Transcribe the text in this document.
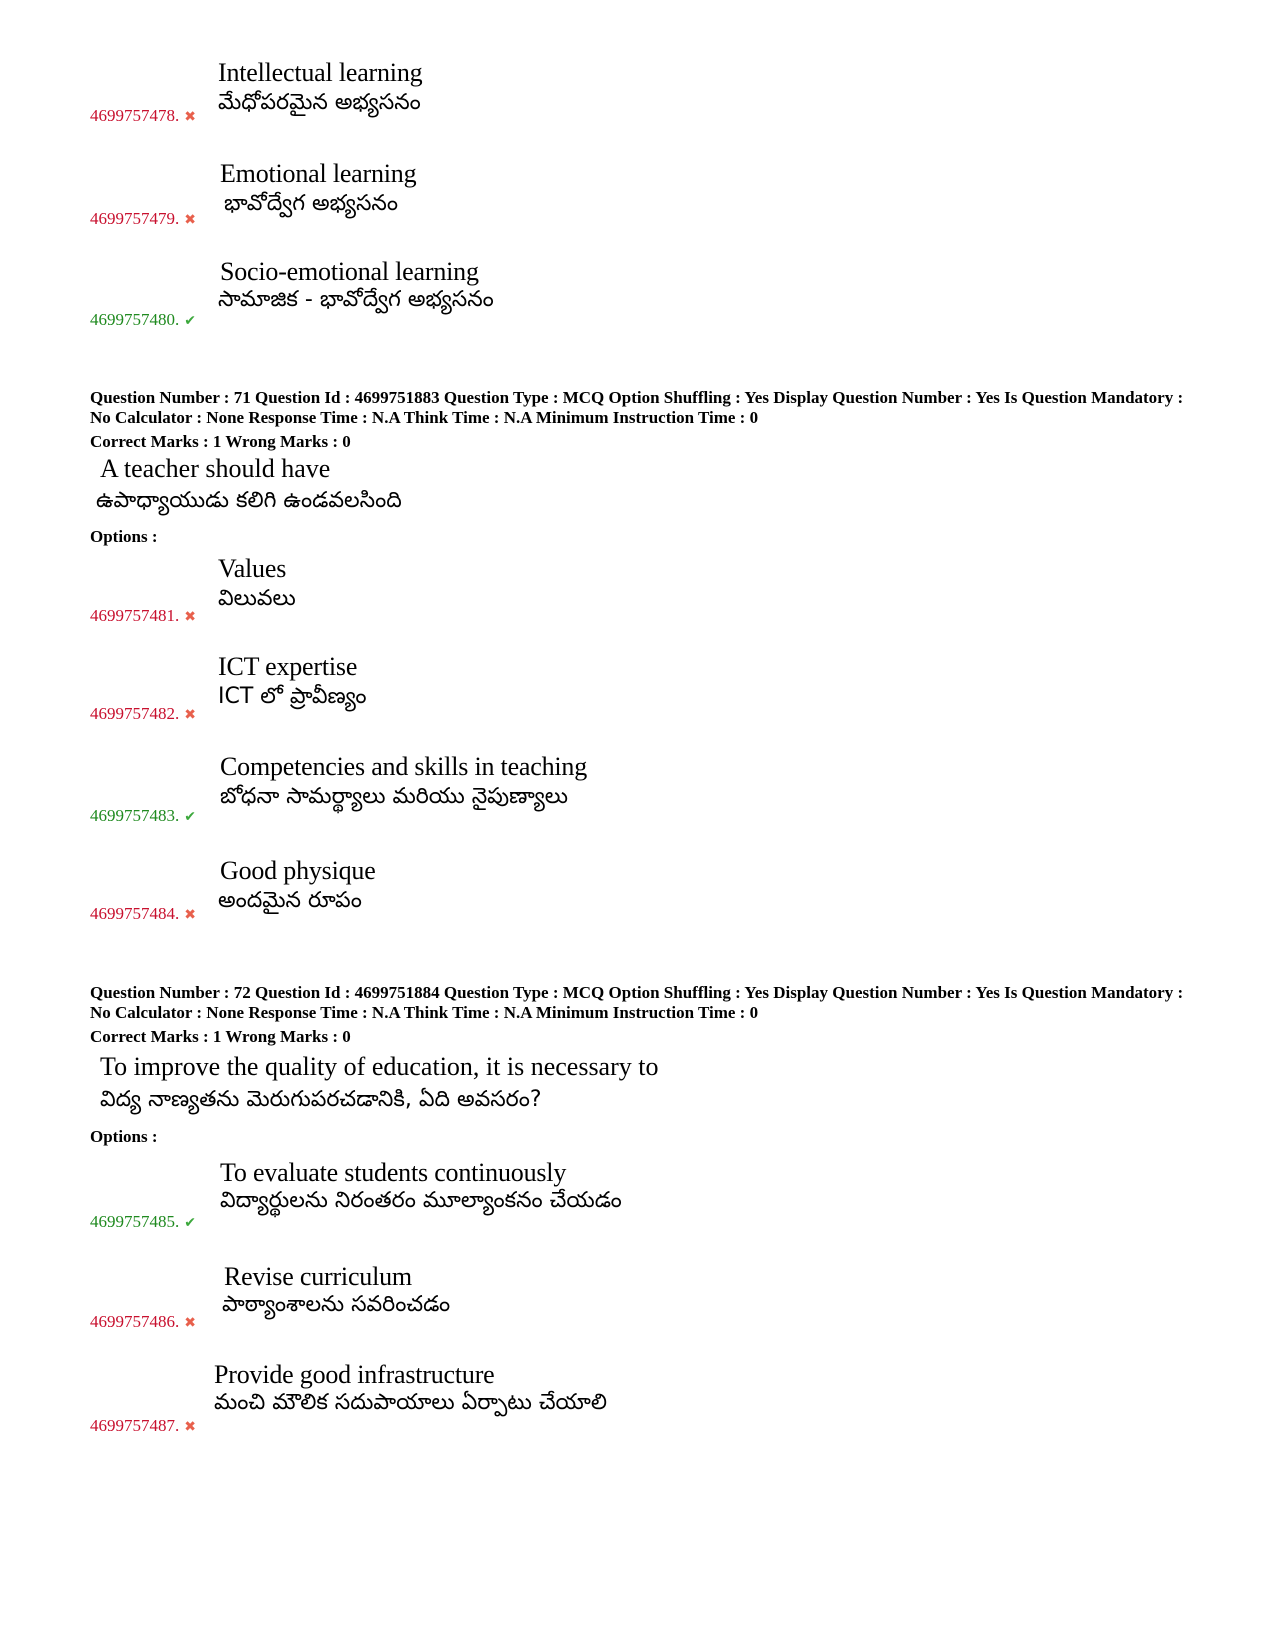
Intellectual learning
మేధోపరమైన అభ్యసనం
4699757478. ✖
Emotional learning
భావోద్వేగ అభ్యసనం
4699757479. ✖
Socio-emotional learning
సామాజిక - భావోద్వేగ అభ్యసనం
4699757480. ✔
Question Number : 71 Question Id : 4699751883 Question Type : MCQ Option Shuffling : Yes Display Question Number : Yes Is Question Mandatory : No Calculator : None Response Time : N.A Think Time : N.A Minimum Instruction Time : 0
Correct Marks : 1 Wrong Marks : 0
A teacher should have
ఉపాధ్యాయుడు కలిగి ఉండవలసింది
Options :
Values
విలువలు
4699757481. ✖
ICT expertise
ICT లో ప్రావీణ్యం
4699757482. ✖
Competencies and skills in teaching
బోధనా సామర్థ్యాలు మరియు నైపుణ్యాలు
4699757483. ✔
Good physique
అందమైన రూపం
4699757484. ✖
Question Number : 72 Question Id : 4699751884 Question Type : MCQ Option Shuffling : Yes Display Question Number : Yes Is Question Mandatory : No Calculator : None Response Time : N.A Think Time : N.A Minimum Instruction Time : 0
Correct Marks : 1 Wrong Marks : 0
To improve the quality of education, it is necessary to
విద్య నాణ్యతను మెరుగుపరచడానికి, ఏది అవసరం?
Options :
To evaluate students continuously
విద్యార్థులను నిరంతరం మూల్యాంకనం చేయడం
4699757485. ✔
Revise curriculum
పాఠ్యాంశాలను సవరించడం
4699757486. ✖
Provide good infrastructure
మంచి మౌలిక సదుపాయాలు ఏర్పాటు చేయాలి
4699757487. ✖
